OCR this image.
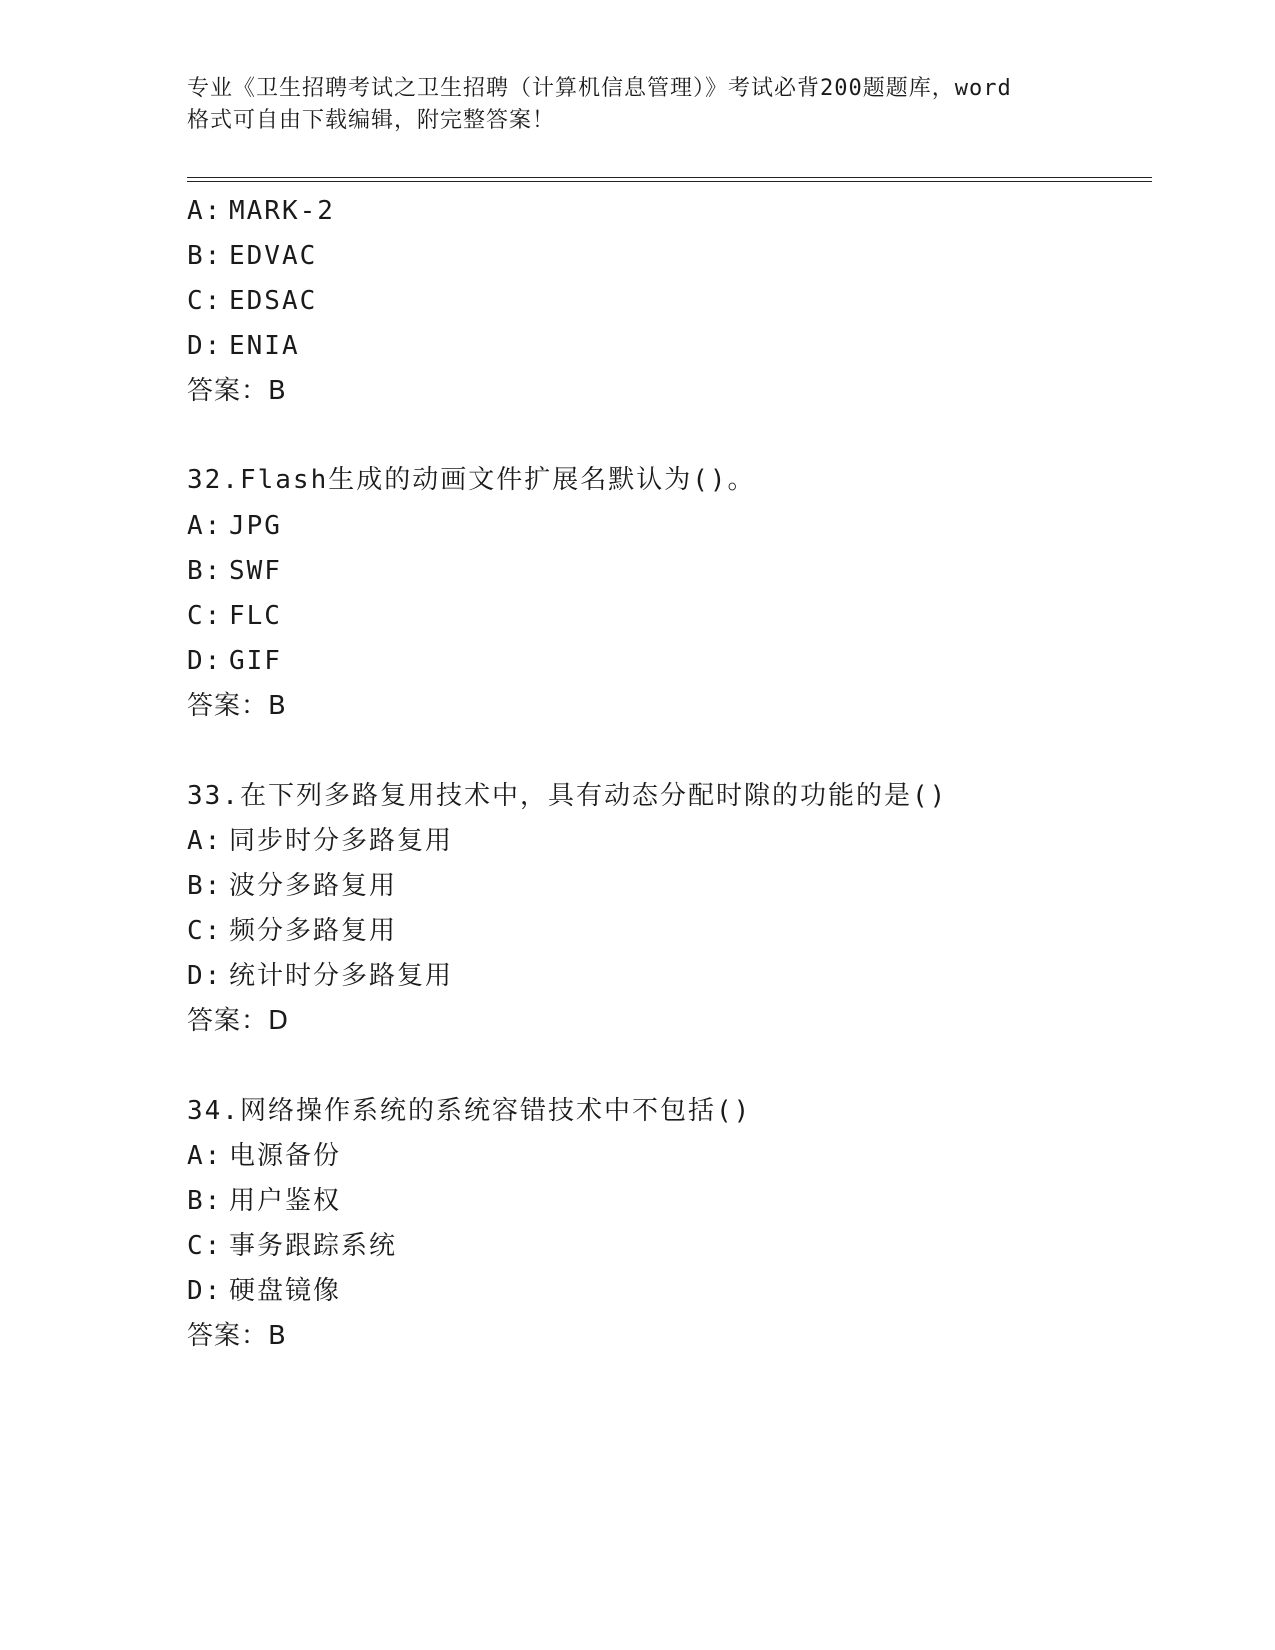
专业《卫生招聘考试之卫生招聘（计算机信息管理）》考试必背200题题库，word
格式可自由下载编辑，附完整答案！
A: MARK-2
B: EDVAC
C: EDSAC
D: ENIA
答案：B
32.Flash生成的动画文件扩展名默认为()。
A: JPG
B: SWF
C: FLC
D: GIF
答案：B
33.在下列多路复用技术中，具有动态分配时隙的功能的是()
A: 同步时分多路复用
B: 波分多路复用
C: 频分多路复用
D: 统计时分多路复用
答案：D
34.网络操作系统的系统容错技术中不包括()
A: 电源备份
B: 用户鉴权
C: 事务跟踪系统
D: 硬盘镜像
答案：B
